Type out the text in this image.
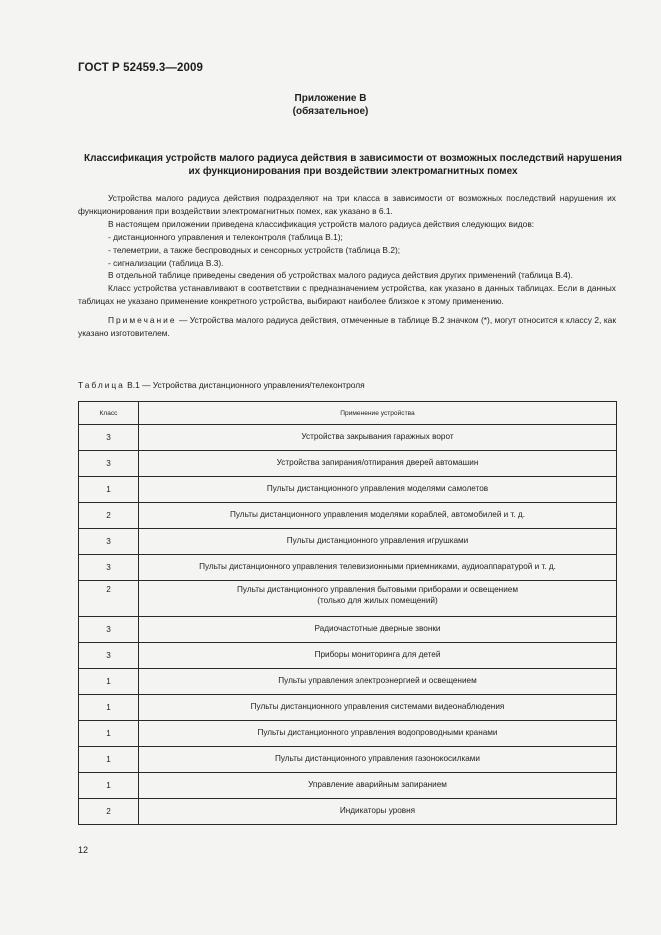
ГОСТ Р 52459.3—2009
Приложение В
(обязательное)
Классификация устройств малого радиуса действия в зависимости от возможных последствий нарушения их функционирования при воздействии электромагнитных помех

Устройства малого радиуса действия подразделяют на три класса в зависимости от возможных последствий нарушения их функционирования при воздействии электромагнитных помех, как указано в 6.1.

В настоящем приложении приведена классификация устройств малого радиуса действия следующих видов:

- дистанционного управления и телеконтроля (таблица В.1);

- телеметрии, а также беспроводных и сенсорных устройств (таблица В.2);

- сигнализации (таблица В.3).

В отдельной таблице приведены сведения об устройствах малого радиуса действия других применений (таблица В.4).

Класс устройства устанавливают в соответствии с предназначением устройства, как указано в данных таблицах. Если в данных таблицах не указано применение конкретного устройства, выбирают наиболее близкое к этому применению.

Примечание — Устройства малого радиуса действия, отмеченные в таблице В.2 значком (*), могут относится к классу 2, как указано изготовителем.

Таблица В.1 — Устройства дистанционного управления/телеконтроля
Класс	Применение устройства
3	Устройства закрывания гаражных ворот
3	Устройства запирания/отпирания дверей автомашин
1	Пульты дистанционного управления моделями самолетов
2	Пульты дистанционного управления моделями кораблей, автомобилей и т. д.
3	Пульты дистанционного управления игрушками
3	Пульты дистанционного управления телевизионными приемниками, аудиоаппаратурой и т. д.
2	Пульты дистанционного управления бытовыми приборами и освещением
(только для жилых помещений)

3	Радиочастотные дверные звонки
3	Приборы мониторинга для детей
1	Пульты управления электроэнергией и освещением
1	Пульты дистанционного управления системами видеонаблюдения
1	Пульты дистанционного управления водопроводными кранами
1	Пульты дистанционного управления газонокосилками
1	Управление аварийным запиранием
2	Индикаторы уровня
12
